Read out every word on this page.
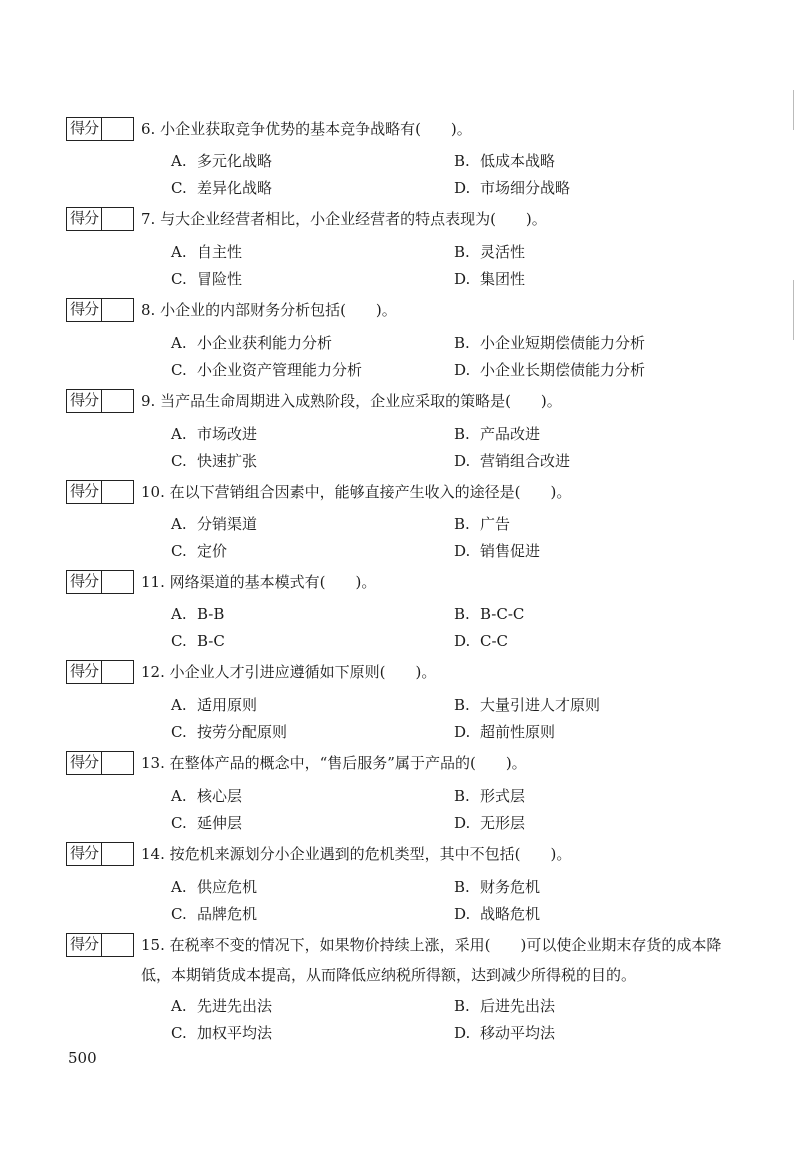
得分	6. 小企业获取竞争优势的基本竞争战略有(　　)。
A. 多元化战略	B. 低成本战略
C. 差异化战略	D. 市场细分战略
得分	7. 与大企业经营者相比，小企业经营者的特点表现为(　　)。
A. 自主性	B. 灵活性
C. 冒险性	D. 集团性
得分	8. 小企业的内部财务分析包括(　　)。
A. 小企业获利能力分析	B. 小企业短期偿债能力分析
C. 小企业资产管理能力分析	D. 小企业长期偿债能力分析
得分	9. 当产品生命周期进入成熟阶段，企业应采取的策略是(　　)。
A. 市场改进	B. 产品改进
C. 快速扩张	D. 营销组合改进
得分	10. 在以下营销组合因素中，能够直接产生收入的途径是(　　)。
A. 分销渠道	B. 广告
C. 定价	D. 销售促进
得分	11. 网络渠道的基本模式有(　　)。
A. B-B	B. B-C-C
C. B-C	D. C-C
得分	12. 小企业人才引进应遵循如下原则(　　)。
A. 适用原则	B. 大量引进人才原则
C. 按劳分配原则	D. 超前性原则
得分	13. 在整体产品的概念中，“售后服务”属于产品的(　　)。
A. 核心层	B. 形式层
C. 延伸层	D. 无形层
得分	14. 按危机来源划分小企业遇到的危机类型，其中不包括(　　)。
A. 供应危机	B. 财务危机
C. 品牌危机	D. 战略危机
得分	15. 在税率不变的情况下，如果物价持续上涨，采用(　　)可以使企业期末存货的成本降低，本期销货成本提高，从而降低应纳税所得额，达到减少所得税的目的。
A. 先进先出法	B. 后进先出法
C. 加权平均法	D. 移动平均法
500
